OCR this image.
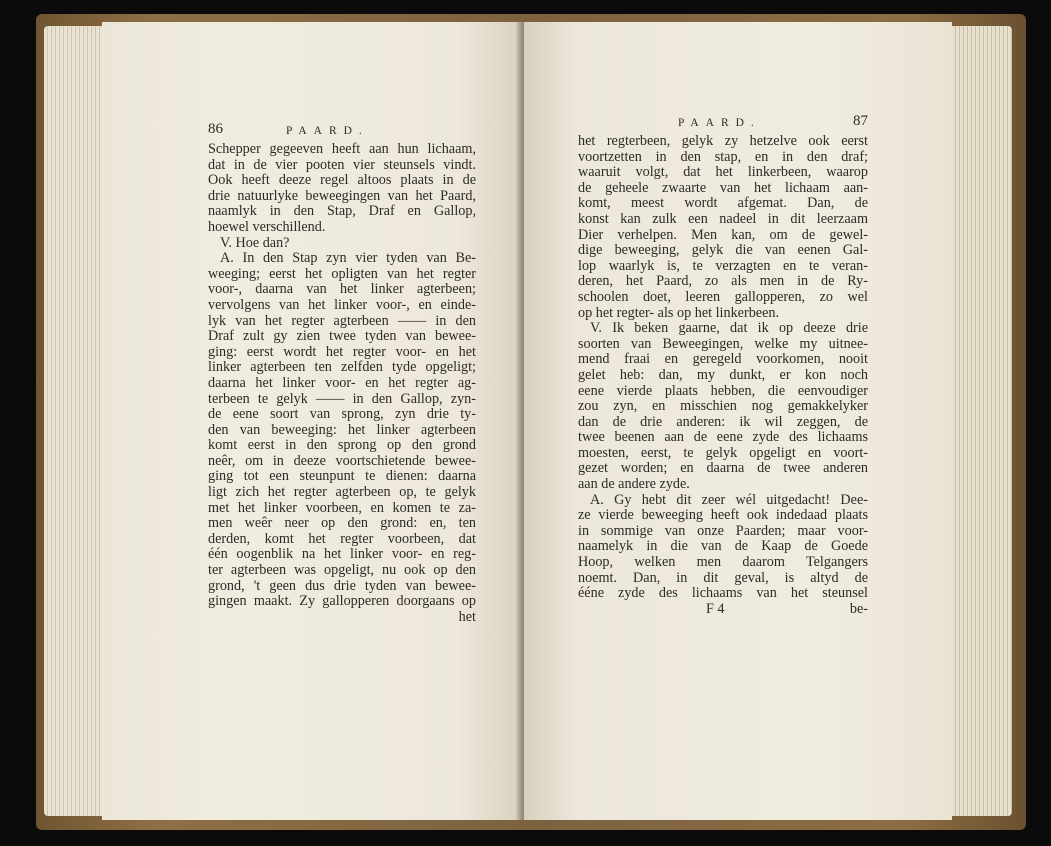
86	PAARD.
Schepper gegeeven heeft aan hun lichaam,
dat in de vier pooten vier steunsels vindt.
Ook heeft deeze regel altoos plaats in de
drie natuurlyke beweegingen van het Paard,
naamlyk in den Stap, Draf en Gallop,
hoewel verschillend.
V. Hoe dan?
A. In den Stap zyn vier tyden van Be-
weeging; eerst het opligten van het regter
voor-, daarna van het linker agterbeen;
vervolgens van het linker voor-, en einde-
lyk van het regter agterbeen —— in den
Draf zult gy zien twee tyden van bewee-
ging: eerst wordt het regter voor- en het
linker agterbeen ten zelfden tyde opgeligt;
daarna het linker voor- en het regter ag-
terbeen te gelyk —— in den Gallop, zyn-
de eene soort van sprong, zyn drie ty-
den van beweeging: het linker agterbeen
komt eerst in den sprong op den grond
neêr, om in deeze voortschietende bewee-
ging tot een steunpunt te dienen: daarna
ligt zich het regter agterbeen op, te gelyk
met het linker voorbeen, en komen te za-
men weêr neer op den grond: en, ten
derden, komt het regter voorbeen, dat
één oogenblik na het linker voor- en reg-
ter agterbeen was opgeligt, nu ook op den
grond, 't geen dus drie tyden van bewee-
gingen maakt. Zy gallopperen doorgaans op
het
PAARD.	87
het regterbeen, gelyk zy hetzelve ook eerst
voortzetten in den stap, en in den draf;
waaruit volgt, dat het linkerbeen, waarop
de geheele zwaarte van het lichaam aan-
komt, meest wordt afgemat. Dan, de
konst kan zulk een nadeel in dit leerzaam
Dier verhelpen. Men kan, om de gewel-
dige beweeging, gelyk die van eenen Gal-
lop waarlyk is, te verzagten en te veran-
deren, het Paard, zo als men in de Ry-
schoolen doet, leeren gallopperen, zo wel
op het regter- als op het linkerbeen.
V. Ik beken gaarne, dat ik op deeze drie
soorten van Beweegingen, welke my uitnee-
mend fraai en geregeld voorkomen, nooit
gelet heb: dan, my dunkt, er kon noch
eene vierde plaats hebben, die eenvoudiger
zou zyn, en misschien nog gemakkelyker
dan de drie anderen: ik wil zeggen, de
twee beenen aan de eene zyde des lichaams
moesten, eerst, te gelyk opgeligt en voort-
gezet worden; en daarna de twee anderen
aan de andere zyde.
A. Gy hebt dit zeer wél uitgedacht! Dee-
ze vierde beweeging heeft ook indedaad plaats
in sommige van onze Paarden; maar voor-
naamelyk in die van de Kaap de Goede
Hoop, welken men daarom Telgangers
noemt. Dan, in dit geval, is altyd de
ééne zyde des lichaams van het steunsel
F 4	be-
